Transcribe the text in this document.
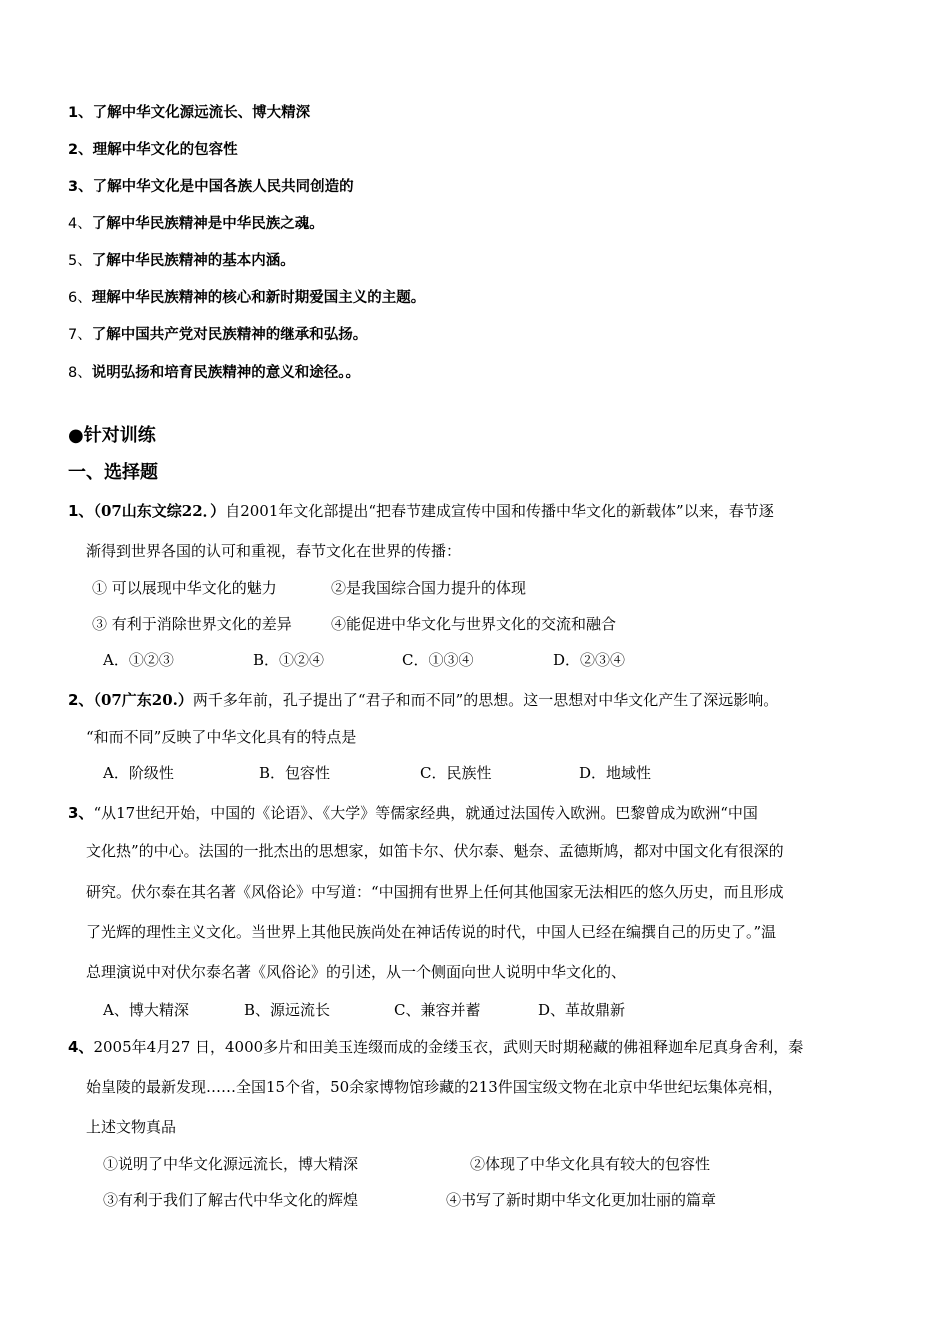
1、了解中华文化源远流长、博大精深
2、理解中华文化的包容性
3、了解中华文化是中国各族人民共同创造的
4、了解中华民族精神是中华民族之魂。
5、了解中华民族精神的基本内涵。
6、理解中华民族精神的核心和新时期爱国主义的主题。
7、了解中国共产党对民族精神的继承和弘扬。
8、说明弘扬和培育民族精神的意义和途径。。
●针对训练
一、选择题
1、（07山东文综22．）自2001年文化部提出“把春节建成宣传中国和传播中华文化的新载体”以来，春节逐
渐得到世界各国的认可和重视，春节文化在世界的传播：
① 可以展现中华文化的魅力	②是我国综合国力提升的体现
③ 有利于消除世界文化的差异	④能促进中华文化与世界文化的交流和融合
A．①②③	B．①②④	C．①③④	D．②③④
2、（07广东20.）两千多年前，孔子提出了“君子和而不同”的思想。这一思想对中华文化产生了深远影响。
“和而不同”反映了中华文化具有的特点是
A．阶级性	B．包容性	C．民族性	D．地域性
3、“从17世纪开始，中国的《论语》、《大学》等儒家经典，就通过法国传入欧洲。巴黎曾成为欧洲“中国
文化热”的中心。法国的一批杰出的思想家，如笛卡尔、伏尔泰、魁奈、孟德斯鸠，都对中国文化有很深的
研究。伏尔泰在其名著《风俗论》中写道：“中国拥有世界上任何其他国家无法相匹的悠久历史，而且形成
了光辉的理性主义文化。当世界上其他民族尚处在神话传说的时代，中国人已经在编撰自己的历史了。”温
总理演说中对伏尔泰名著《风俗论》的引述，从一个侧面向世人说明中华文化的、
A、博大精深	B、源远流长	C、兼容并蓄	D、革故鼎新
4、2005年4月27 日，4000多片和田美玉连缀而成的金缕玉衣，武则天时期秘藏的佛祖释迦牟尼真身舍利，秦
始皇陵的最新发现……全国15个省，50余家博物馆珍藏的213件国宝级文物在北京中华世纪坛集体亮相，
上述文物真品
①说明了中华文化源远流长，博大精深	②体现了中华文化具有较大的包容性
③有利于我们了解古代中华文化的辉煌	④书写了新时期中华文化更加壮丽的篇章
